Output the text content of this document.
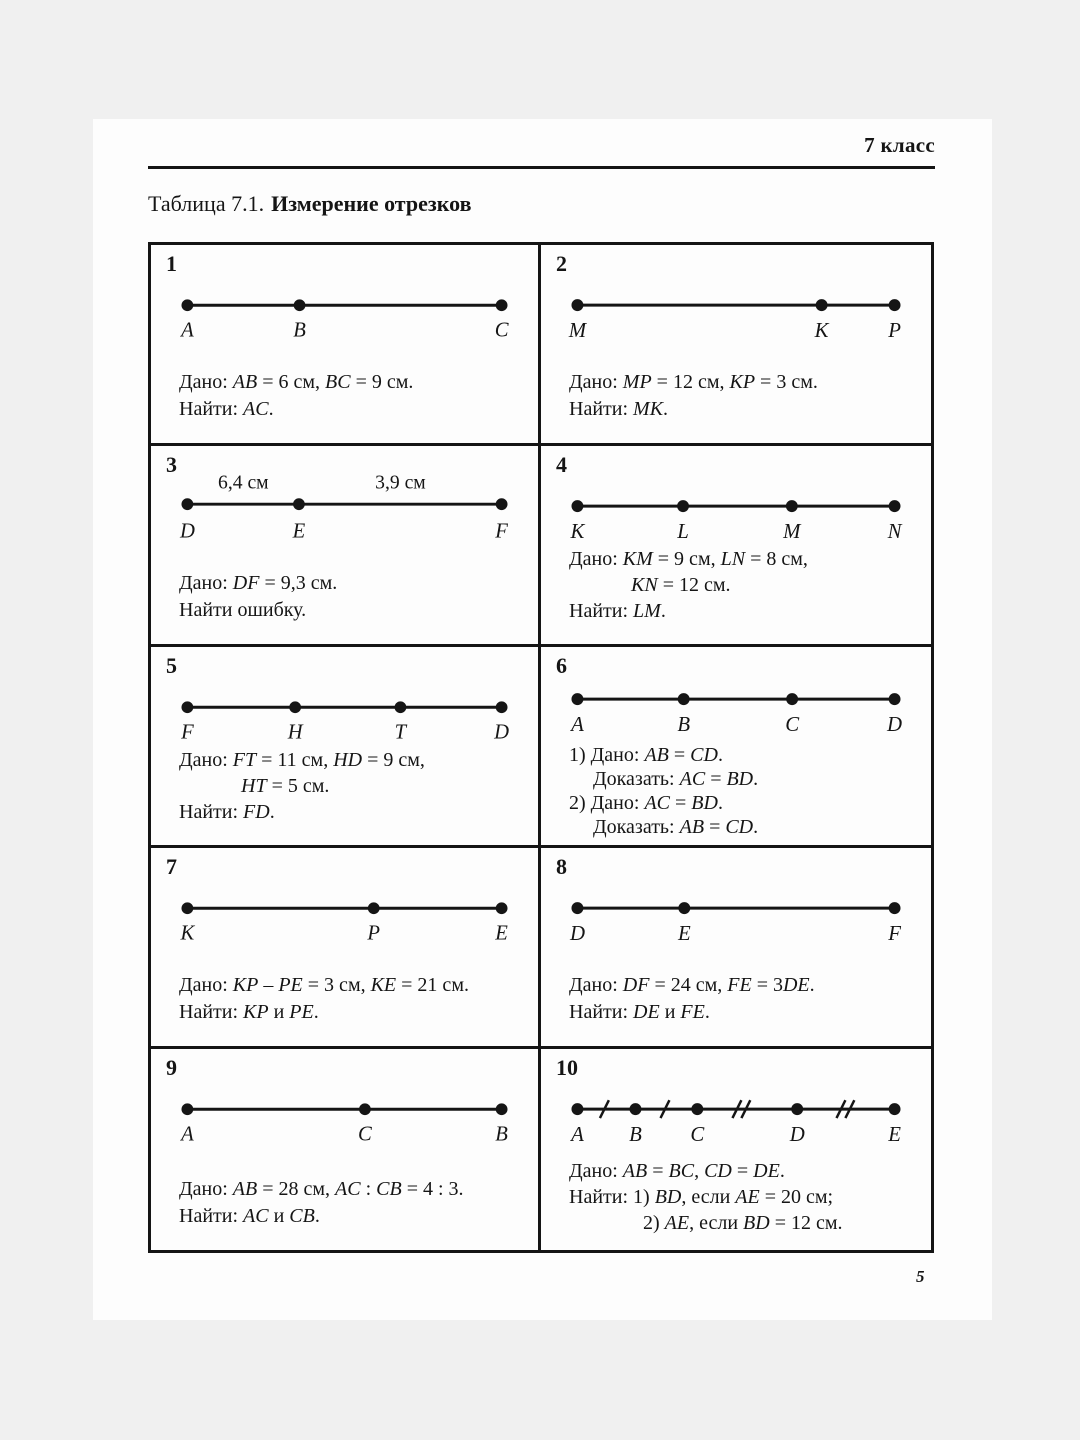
7 класс
Таблица 7.1. Измерение отрезков
1
A	B	C
Дано: AB = 6 см, BC = 9 см.
Найти: AC.
2
M	K	P
Дано: MP = 12 см, KP = 3 см.
Найти: MK.
3
6,4 см	3,9 см
D	E	F
Дано: DF = 9,3 см.
Найти ошибку.
4
K	L	M	N
Дано: KM = 9 см, LN = 8 см,
KN = 12 см.
Найти: LM.
5
F	H	T	D
Дано: FT = 11 см, HD = 9 см,
HT = 5 см.
Найти: FD.
6
A	B	C	D
1) Дано: AB = CD.
Доказать: AC = BD.
2) Дано: AC = BD.
Доказать: AB = CD.
7
K	P	E
Дано: KP – PE = 3 см, KE = 21 см.
Найти: KP и PE.
8
D	E	F
Дано: DF = 24 см, FE = 3DE.
Найти: DE и FE.
9
A	C	B
Дано: AB = 28 см, AC : CB = 4 : 3.
Найти: AC и CB.
10
A B C	D	E
Дано: AB = BC, CD = DE.
Найти: 1) BD, если AE = 20 см;
2) AE, если BD = 12 см.
5
